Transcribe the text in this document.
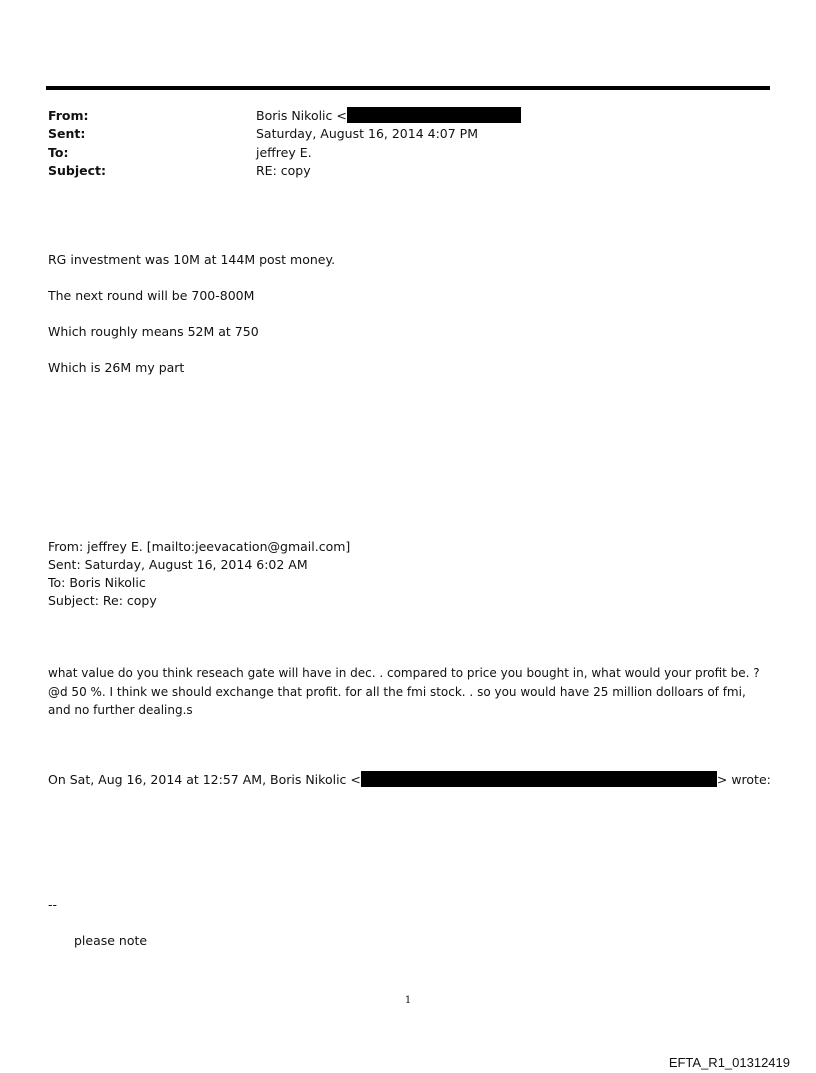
From:	Boris Nikolic <
Sent:	Saturday, August 16, 2014 4:07 PM
To:	jeffrey E.
Subject:	RE: copy
RG investment was 10M at 144M post money.
The next round will be 700-800M
Which roughly means 52M at 750
Which is 26M my part
From: jeffrey E. [mailto:jeevacation@gmail.com]
Sent: Saturday, August 16, 2014 6:02 AM
To: Boris Nikolic
Subject: Re: copy
what value do you think reseach gate will have in dec. . compared to price you bought in, what would your profit be. ?
@d 50 %. I think we should exchange that profit. for all the fmi stock. . so you would have 25 million dolloars of fmi,
and no further dealing.s
On Sat, Aug 16, 2014 at 12:57 AM, Boris Nikolic <	> wrote:
--
please note
1
EFTA_R1_01312419
